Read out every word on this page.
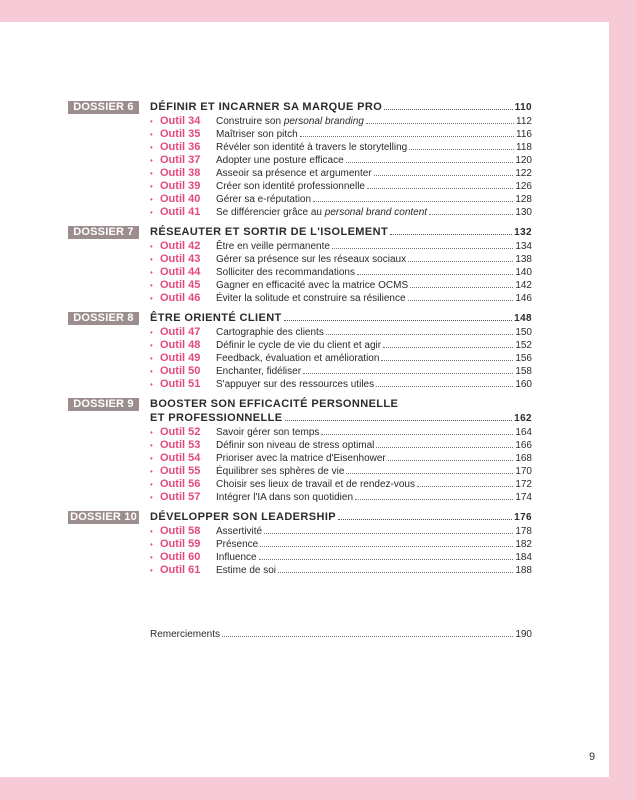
DOSSIER 6	DÉFINIR ET INCARNER SA MARQUE PRO	110
• Outil 34	Construire son personal branding	112
• Outil 35	Maîtriser son pitch	116
• Outil 36	Révéler son identité à travers le storytelling	118
• Outil 37	Adopter une posture efficace	120
• Outil 38	Asseoir sa présence et argumenter	122
• Outil 39	Créer son identité professionnelle	126
• Outil 40	Gérer sa e-réputation	128
• Outil 41	Se différencier grâce au personal brand content	130
DOSSIER 7	RÉSEAUTER ET SORTIR DE L'ISOLEMENT	132
• Outil 42	Être en veille permanente	134
• Outil 43	Gérer sa présence sur les réseaux sociaux	138
• Outil 44	Solliciter des recommandations	140
• Outil 45	Gagner en efficacité avec la matrice OCMS	142
• Outil 46	Éviter la solitude et construire sa résilience	146
DOSSIER 8	ÊTRE ORIENTÉ CLIENT	148
• Outil 47	Cartographie des clients	150
• Outil 48	Définir le cycle de vie du client et agir	152
• Outil 49	Feedback, évaluation et amélioration	156
• Outil 50	Enchanter, fidéliser	158
• Outil 51	S'appuyer sur des ressources utiles	160
DOSSIER 9	BOOSTER SON EFFICACITÉ PERSONNELLE
ET PROFESSIONNELLE	162
• Outil 52	Savoir gérer son temps	164
• Outil 53	Définir son niveau de stress optimal	166
• Outil 54	Prioriser avec la matrice d'Eisenhower	168
• Outil 55	Équilibrer ses sphères de vie	170
• Outil 56	Choisir ses lieux de travail et de rendez-vous	172
• Outil 57	Intégrer l'IA dans son quotidien	174
DOSSIER 10 DÉVELOPPER SON LEADERSHIP	176
• Outil 58	Assertivité	178
• Outil 59	Présence	182
• Outil 60	Influence	184
• Outil 61	Estime de soi	188
Remerciements	190
9
